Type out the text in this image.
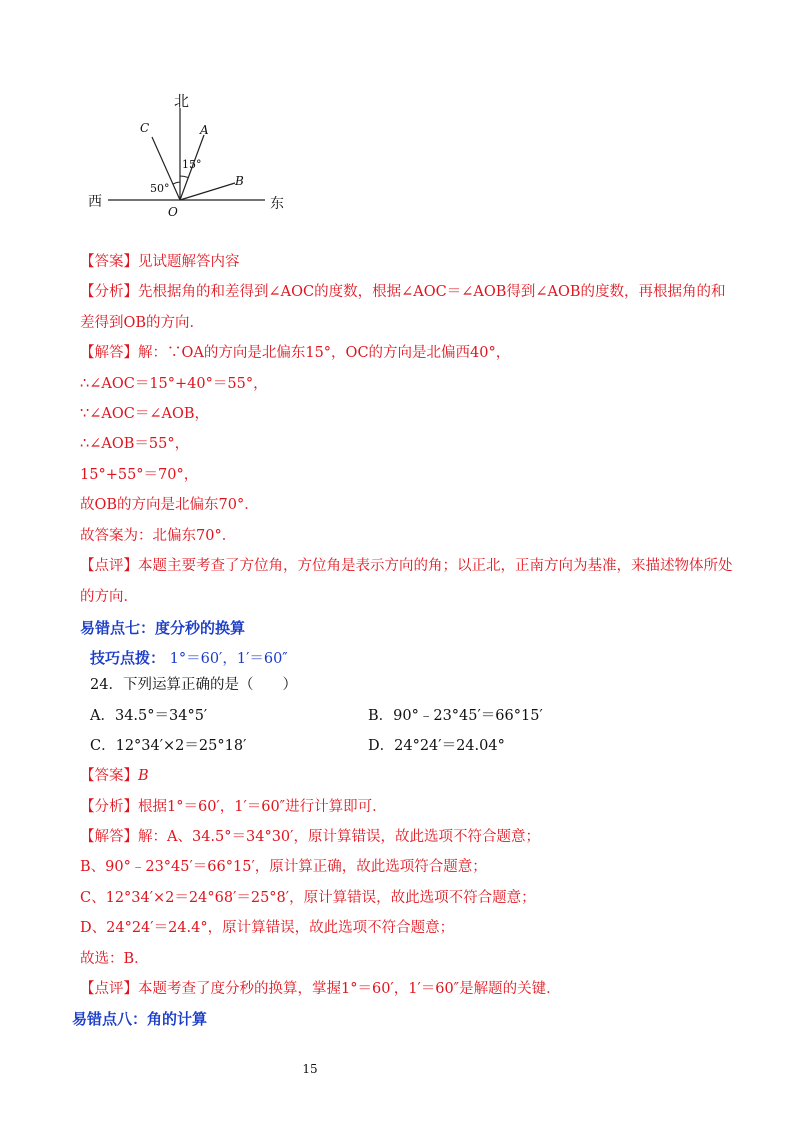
北
西	东
O
A
B
C
15°
50°
【答案】见试题解答内容
【分析】先根据角的和差得到∠AOC的度数，根据∠AOC＝∠AOB得到∠AOB的度数，再根据角的和
差得到OB的方向．
【解答】解：∵OA的方向是北偏东15°，OC的方向是北偏西40°，
∴∠AOC＝15°+40°＝55°，
∵∠AOC＝∠AOB，
∴∠AOB＝55°，
15°+55°＝70°，
故OB的方向是北偏东70°．
故答案为：北偏东70°．
【点评】本题主要考查了方位角，方位角是表示方向的角；以正北，正南方向为基准，来描述物体所处
的方向．
易错点七：度分秒的换算
技巧点拨： 1°＝60′，1′＝60″
24．下列运算正确的是（　　）
A．34.5°＝34°5′	B．90°﹣23°45′＝66°15′
C．12°34′×2＝25°18′	D．24°24′＝24.04°
【答案】B
【分析】根据1°＝60′，1′＝60″进行计算即可．
【解答】解：A、34.5°＝34°30′，原计算错误，故此选项不符合题意；
B、90°﹣23°45′＝66°15′，原计算正确，故此选项符合题意；
C、12°34′×2＝24°68′＝25°8′，原计算错误，故此选项不符合题意；
D、24°24′＝24.4°，原计算错误，故此选项不符合题意；
故选：B．
【点评】本题考查了度分秒的换算，掌握1°＝60′，1′＝60″是解题的关键．
易错点八：角的计算
15
